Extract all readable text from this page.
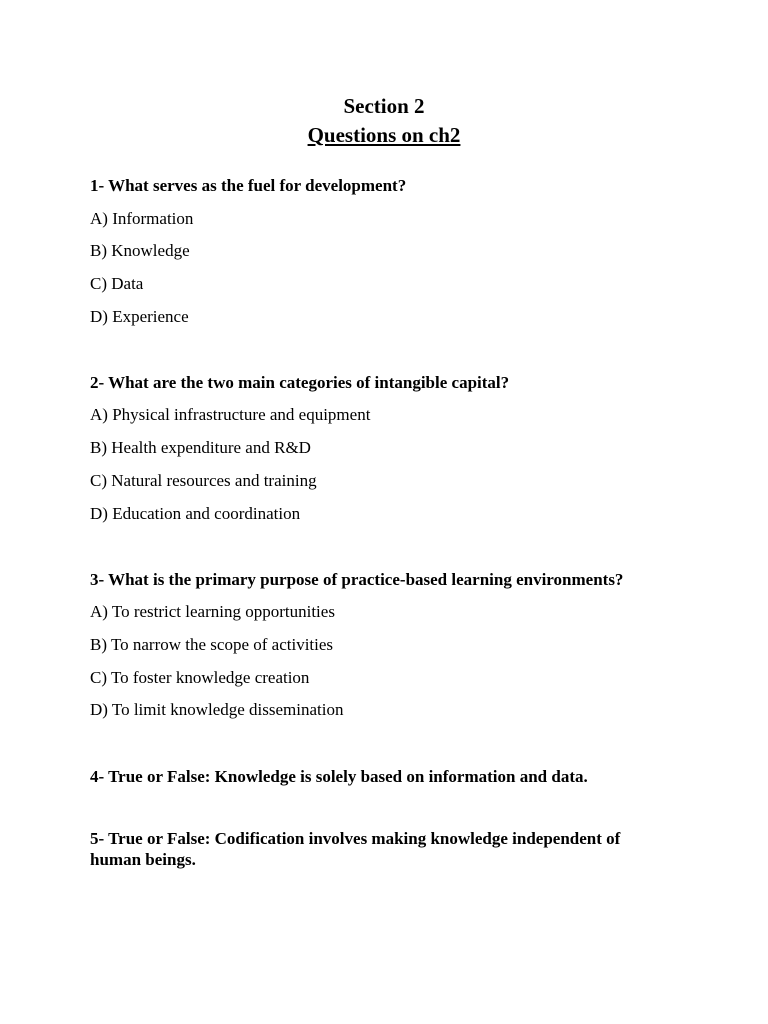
Section 2
Questions on ch2
1- What serves as the fuel for development?
A) Information
B) Knowledge
C) Data
D) Experience
2- What are the two main categories of intangible capital?
A) Physical infrastructure and equipment
B) Health expenditure and R&D
C) Natural resources and training
D) Education and coordination
3- What is the primary purpose of practice-based learning environments?
A) To restrict learning opportunities
B) To narrow the scope of activities
C) To foster knowledge creation
D) To limit knowledge dissemination
4- True or False: Knowledge is solely based on information and data.
5- True or False: Codification involves making knowledge independent of human beings.
